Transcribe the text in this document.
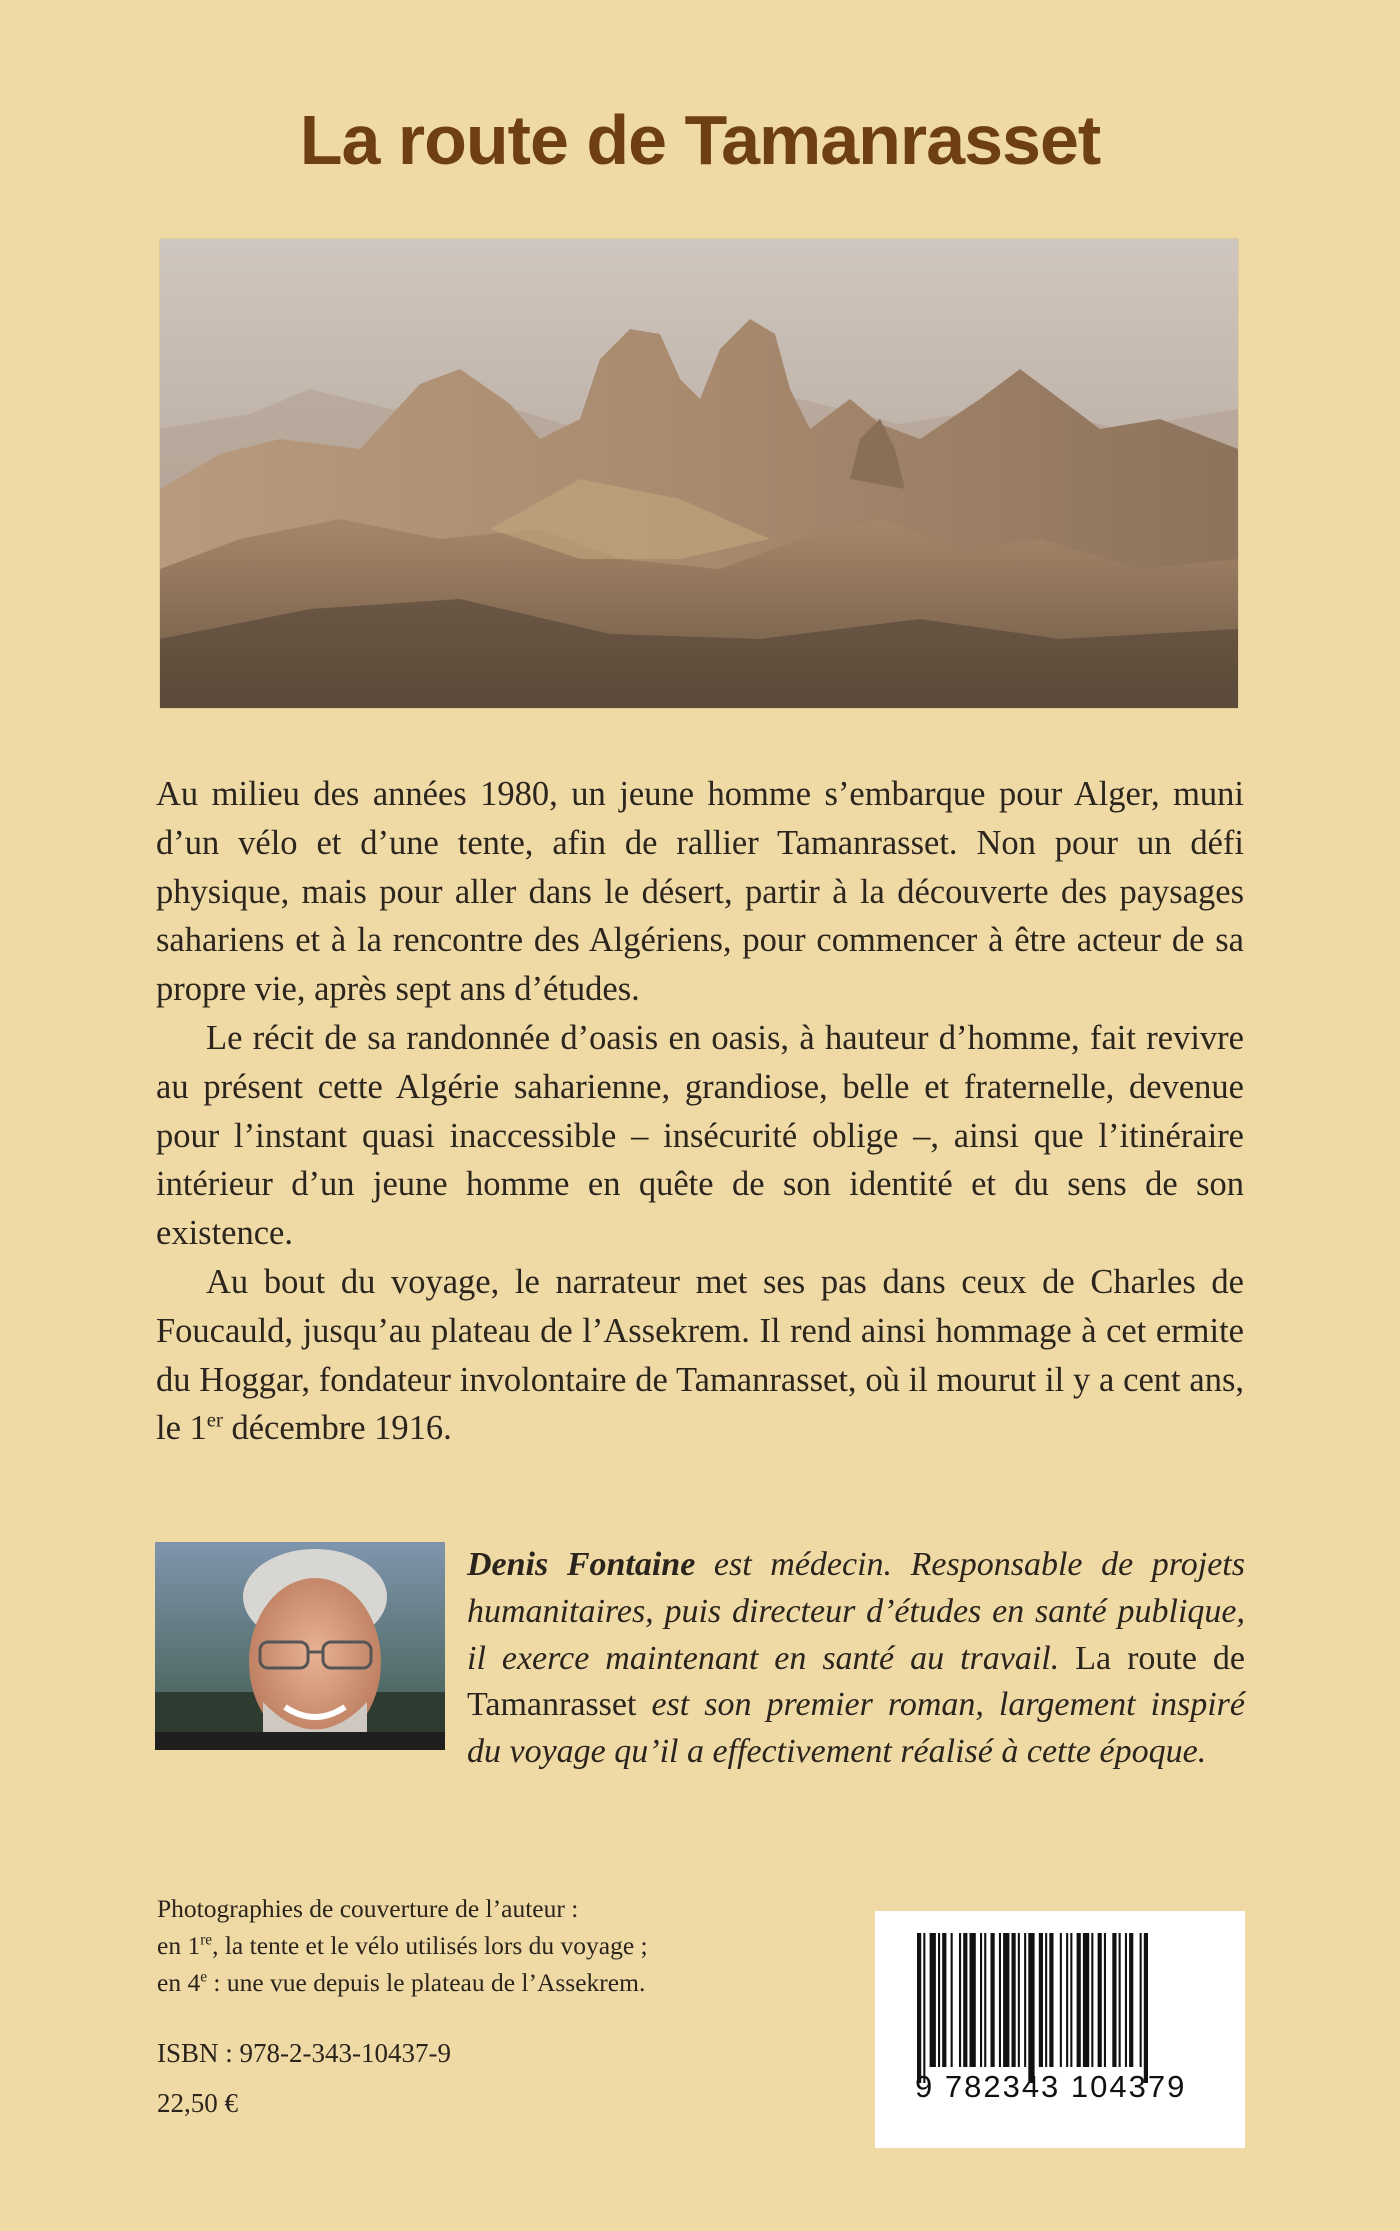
La route de Tamanrasset

Au milieu des années 1980, un jeune homme s’embarque pour Alger, muni d’un vélo et d’une tente, afin de rallier Tamanrasset. Non pour un défi physique, mais pour aller dans le désert, partir à la découverte des paysages sahariens et à la rencontre des Algériens, pour commencer à être acteur de sa propre vie, après sept ans d’études.

Le récit de sa randonnée d’oasis en oasis, à hauteur d’homme, fait revivre au présent cette Algérie saharienne, grandiose, belle et fraternelle, devenue pour l’instant quasi inaccessible – insécurité oblige –, ainsi que l’itinéraire intérieur d’un jeune homme en quête de son identité et du sens de son existence.

Au bout du voyage, le narrateur met ses pas dans ceux de Charles de Foucauld, jusqu’au plateau de l’Assekrem. Il rend ainsi hommage à cet ermite du Hoggar, fondateur involontaire de Tamanrasset, où il mourut il y a cent ans, le 1er décembre 1916.

Denis Fontaine est médecin. Responsable de projets humanitaires, puis directeur d’études en santé publique, il exerce maintenant en santé au travail. La route de Tamanrasset est son premier roman, largement inspiré du voyage qu’il a effectivement réalisé à cette époque.

Photographies de couverture de l’auteur :
en 1re, la tente et le vélo utilisés lors du voyage ;
en 4e : une vue depuis le plateau de l’Assekrem.
ISBN : 978-2-343-10437-9
22,50 €	9 782343 104379
